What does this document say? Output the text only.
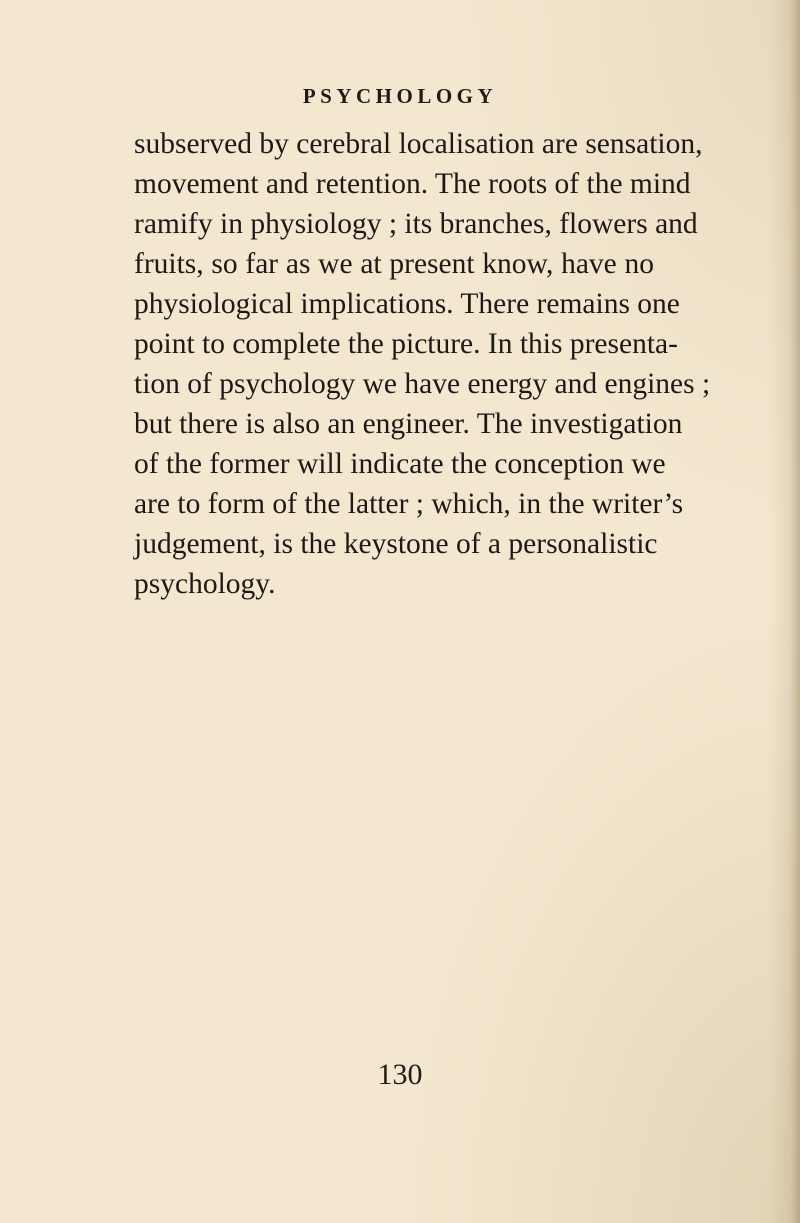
PSYCHOLOGY
subserved by cerebral localisation are sensation,
movement and retention. The roots of the mind
ramify in physiology ; its branches, flowers and
fruits, so far as we at present know, have no
physiological implications. There remains one
point to complete the picture. In this presenta-
tion of psychology we have energy and engines ;
but there is also an engineer. The investigation
of the former will indicate the conception we
are to form of the latter ; which, in the writer’s
judgement, is the keystone of a personalistic
psychology.
130
